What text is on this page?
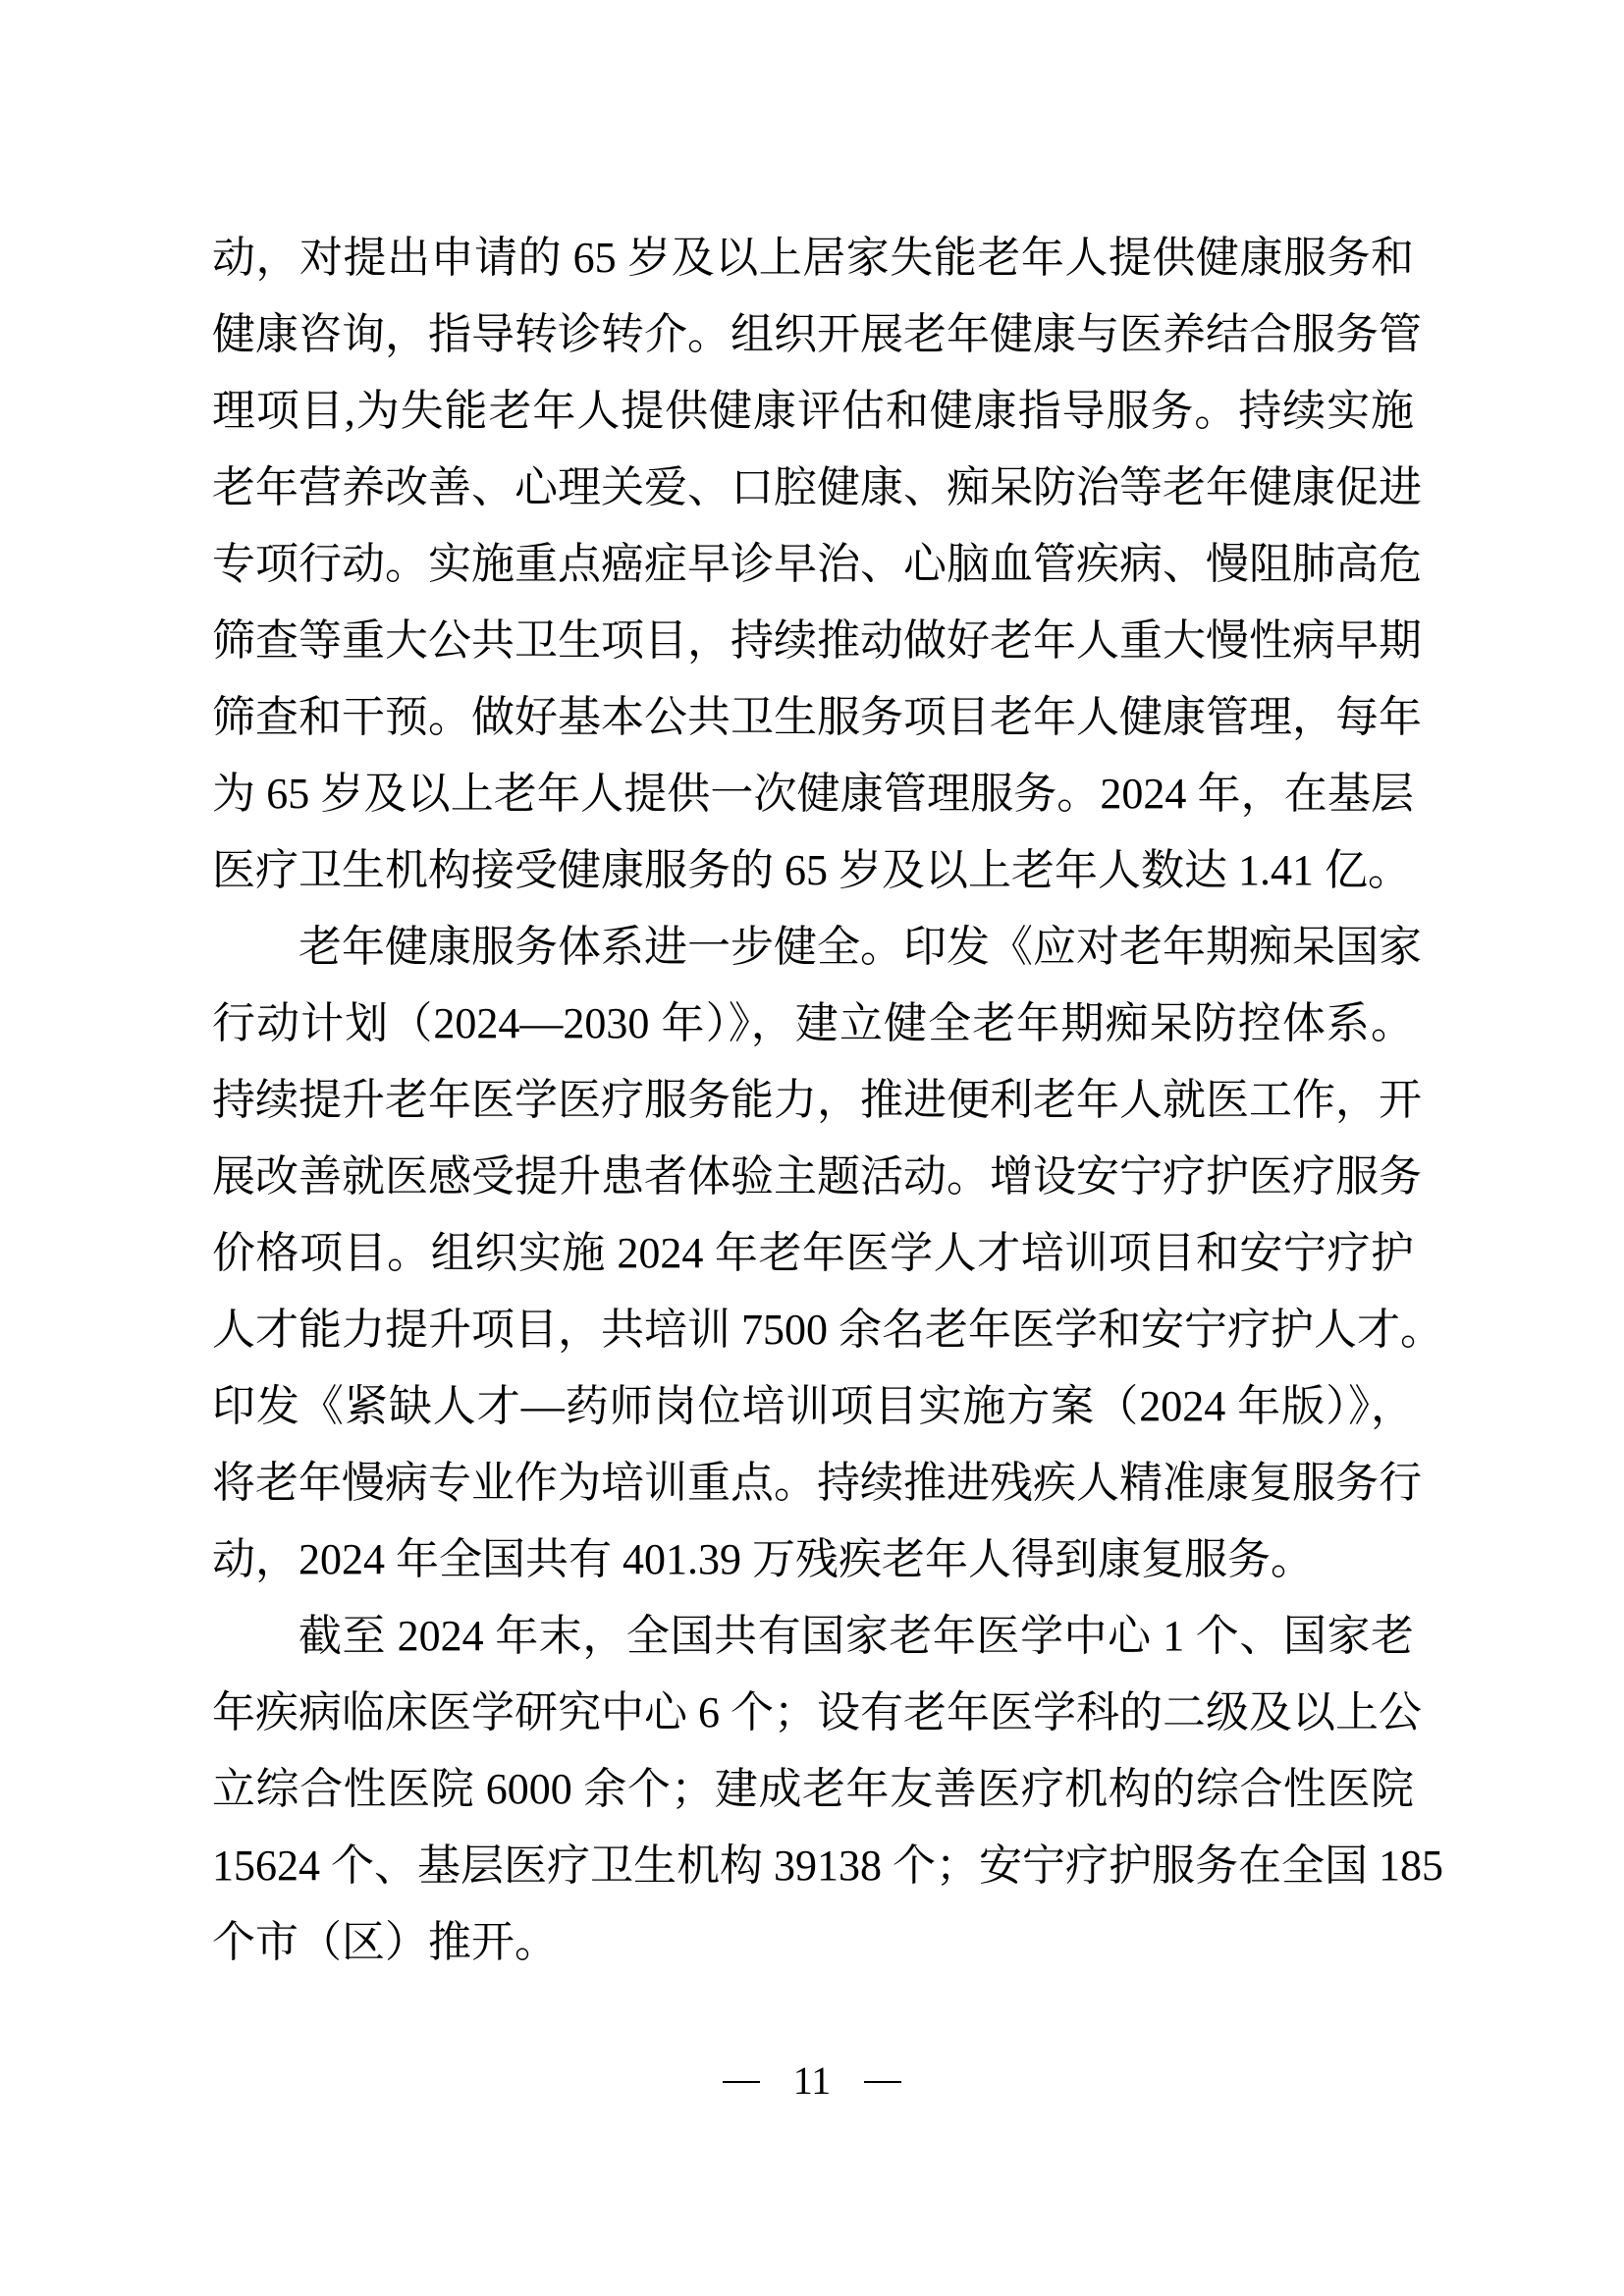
动，对提出申请的 65 岁及以上居家失能老年人提供健康服务和
健康咨询，指导转诊转介。组织开展老年健康与医养结合服务管
理项目,为失能老年人提供健康评估和健康指导服务。持续实施
老年营养改善、心理关爱、口腔健康、痴呆防治等老年健康促进
专项行动。实施重点癌症早诊早治、心脑血管疾病、慢阻肺高危
筛查等重大公共卫生项目，持续推动做好老年人重大慢性病早期
筛查和干预。做好基本公共卫生服务项目老年人健康管理，每年
为 65 岁及以上老年人提供一次健康管理服务。2024 年，在基层
医疗卫生机构接受健康服务的 65 岁及以上老年人数达 1.41 亿。
老年健康服务体系进一步健全。印发《应对老年期痴呆国家
行动计划（2024—2030 年）》，建立健全老年期痴呆防控体系。
持续提升老年医学医疗服务能力，推进便利老年人就医工作，开
展改善就医感受提升患者体验主题活动。增设安宁疗护医疗服务
价格项目。组织实施 2024 年老年医学人才培训项目和安宁疗护
人才能力提升项目，共培训 7500 余名老年医学和安宁疗护人才。
印发《紧缺人才—药师岗位培训项目实施方案（2024 年版）》，
将老年慢病专业作为培训重点。持续推进残疾人精准康复服务行
动，2024 年全国共有 401.39 万残疾老年人得到康复服务。
截至 2024 年末，全国共有国家老年医学中心 1 个、国家老
年疾病临床医学研究中心 6 个；设有老年医学科的二级及以上公
立综合性医院 6000 余个；建成老年友善医疗机构的综合性医院
15624 个、基层医疗卫生机构 39138 个；安宁疗护服务在全国 185
个市（区）推开。
11
